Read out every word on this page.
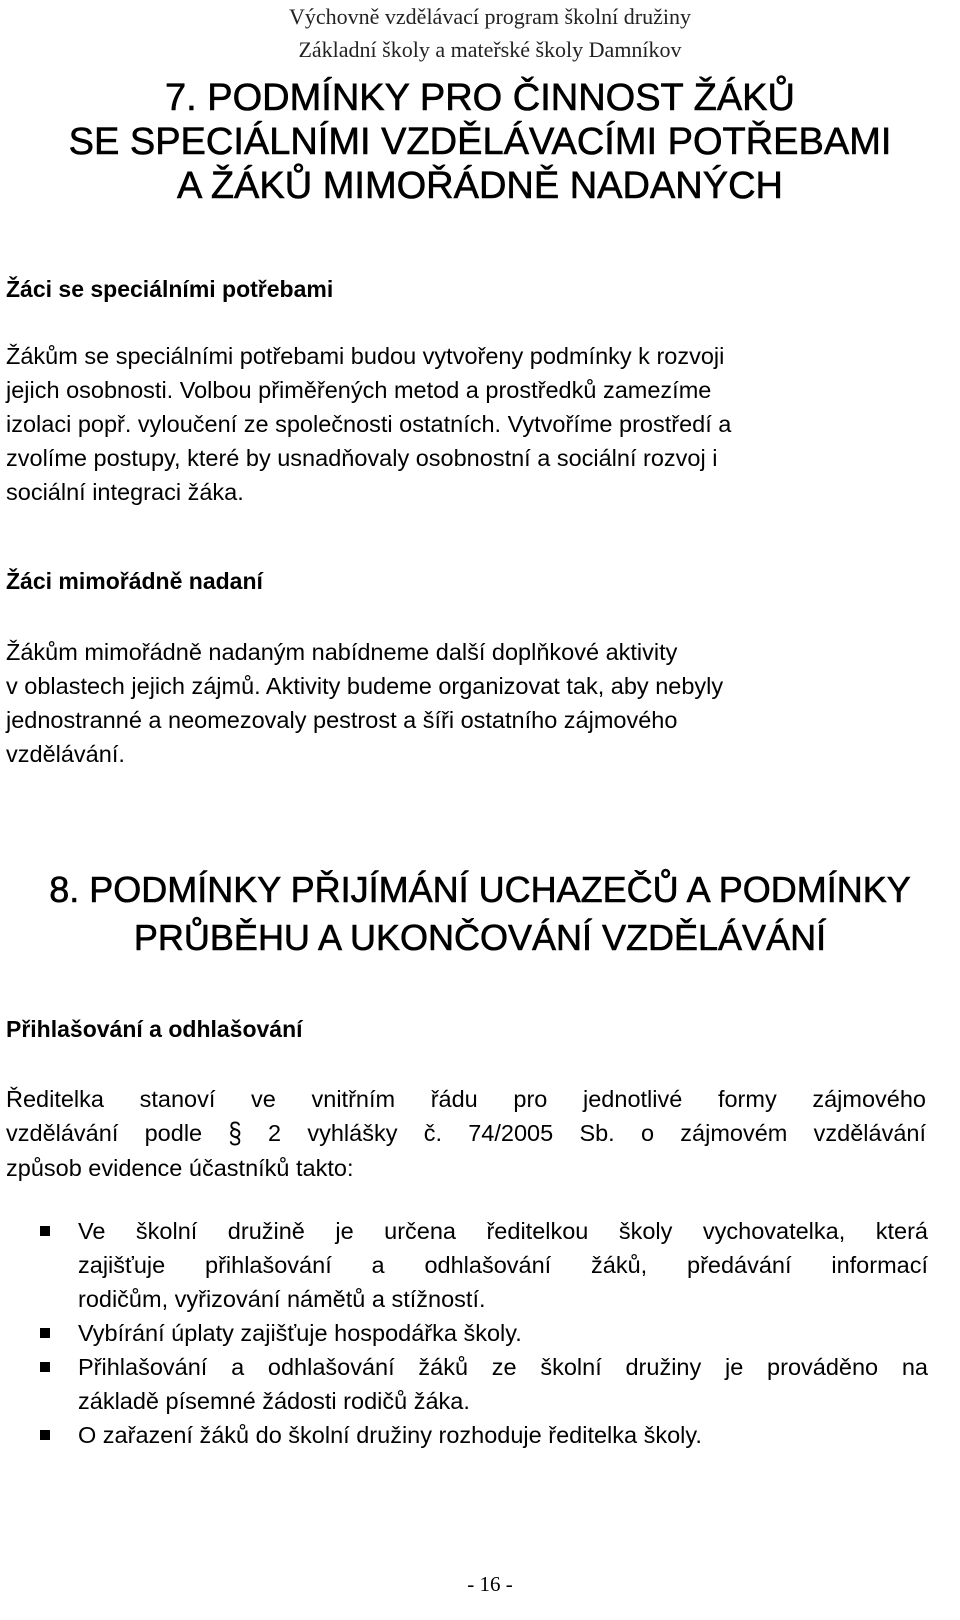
Výchovně vzdělávací program školní družiny
Základní školy a mateřské školy Damníkov
7. PODMÍNKY PRO ČINNOST ŽÁKŮ
SE SPECIÁLNÍMI VZDĚLÁVACÍMI POTŘEBAMI
A ŽÁKŮ MIMOŘÁDNĚ NADANÝCH
Žáci se speciálními potřebami

Žákům se speciálními potřebami budou vytvořeny podmínky k rozvoji
jejich osobnosti. Volbou přiměřených metod a prostředků zamezíme
izolaci popř. vyloučení ze společnosti ostatních. Vytvoříme prostředí a
zvolíme postupy, které by usnadňovaly osobnostní a sociální rozvoj i
sociální integraci žáka.

Žáci mimořádně nadaní

Žákům mimořádně nadaným nabídneme další doplňkové aktivity
v oblastech jejich zájmů. Aktivity budeme organizovat tak, aby nebyly
jednostranné a neomezovaly pestrost a šíři ostatního zájmového
vzdělávání.

8. PODMÍNKY PŘIJÍMÁNÍ UCHAZEČŮ A PODMÍNKY
PRŮBĚHU A UKONČOVÁNÍ VZDĚLÁVÁNÍ
Přihlašování a odhlašování

Ředitelka stanoví ve vnitřním řádu pro jednotlivé formy zájmového
vzdělávání podle § 2 vyhlášky č. 74/2005 Sb. o zájmovém vzdělávání
způsob evidence účastníků takto:

Ve školní družině je určena ředitelkou školy vychovatelka, která
zajišťuje přihlašování a odhlašování žáků, předávání informací
rodičům, vyřizování námětů a stížností.
Vybírání úplaty zajišťuje hospodářka školy.
Přihlašování a odhlašování žáků ze školní družiny je prováděno na
základě písemné žádosti rodičů žáka.
O zařazení žáků do školní družiny rozhoduje ředitelka školy.
- 16 -
